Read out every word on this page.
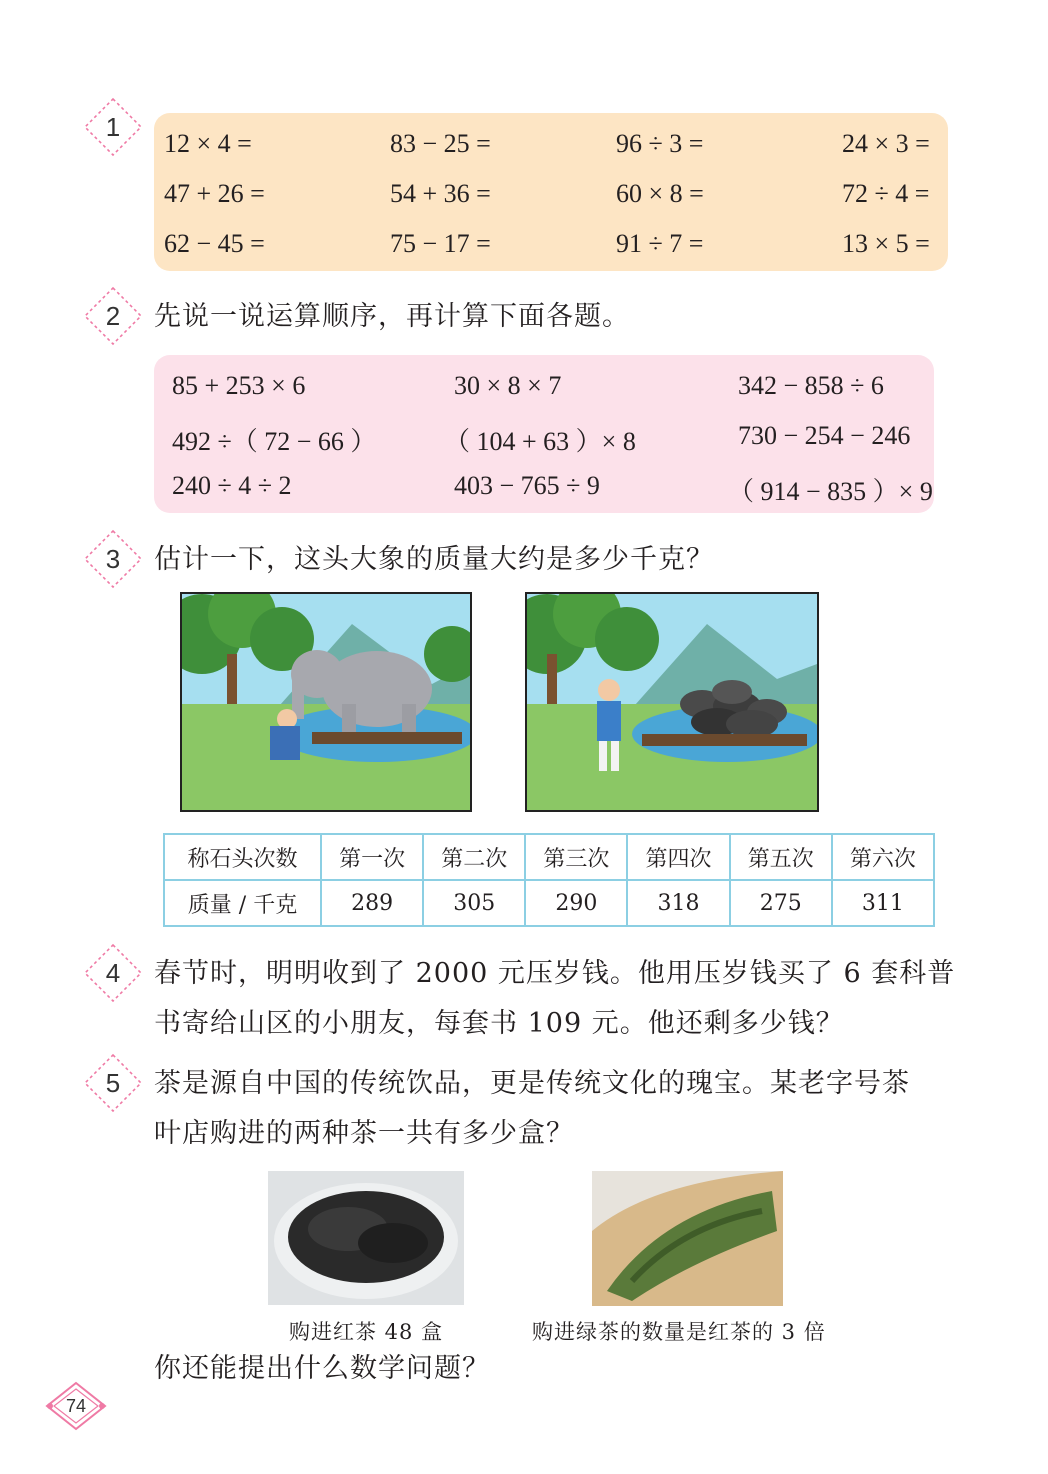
1
12 × 4 =	83 − 25 =	96 ÷ 3 =	24 × 3 =
47 + 26 =	54 + 36 =	60 × 8 =	72 ÷ 4 =
62 − 45 =	75 − 17 =	91 ÷ 7 =	13 × 5 =
2	先说一说运算顺序，再计算下面各题。
85 + 253 × 6	30 × 8 × 7	342 − 858 ÷ 6
492 ÷（ 72 − 66 ）	（ 104 + 63 ）× 8	730 − 254 − 246
240 ÷ 4 ÷ 2	403 − 765 ÷ 9	（ 914 − 835 ）× 9
3	估计一下，这头大象的质量大约是多少千克？
称石头次数	第一次	第二次	第三次	第四次	第五次	第六次
质量 / 千克	289	305	290	318	275	311
4	春节时，明明收到了 2000 元压岁钱。他用压岁钱买了 6 套科普
书寄给山区的小朋友，每套书 109 元。他还剩多少钱？
5	茶是源自中国的传统饮品，更是传统文化的瑰宝。某老字号茶
叶店购进的两种茶一共有多少盒？
购进红茶 48 盒	购进绿茶的数量是红茶的 3 倍
你还能提出什么数学问题？
74
